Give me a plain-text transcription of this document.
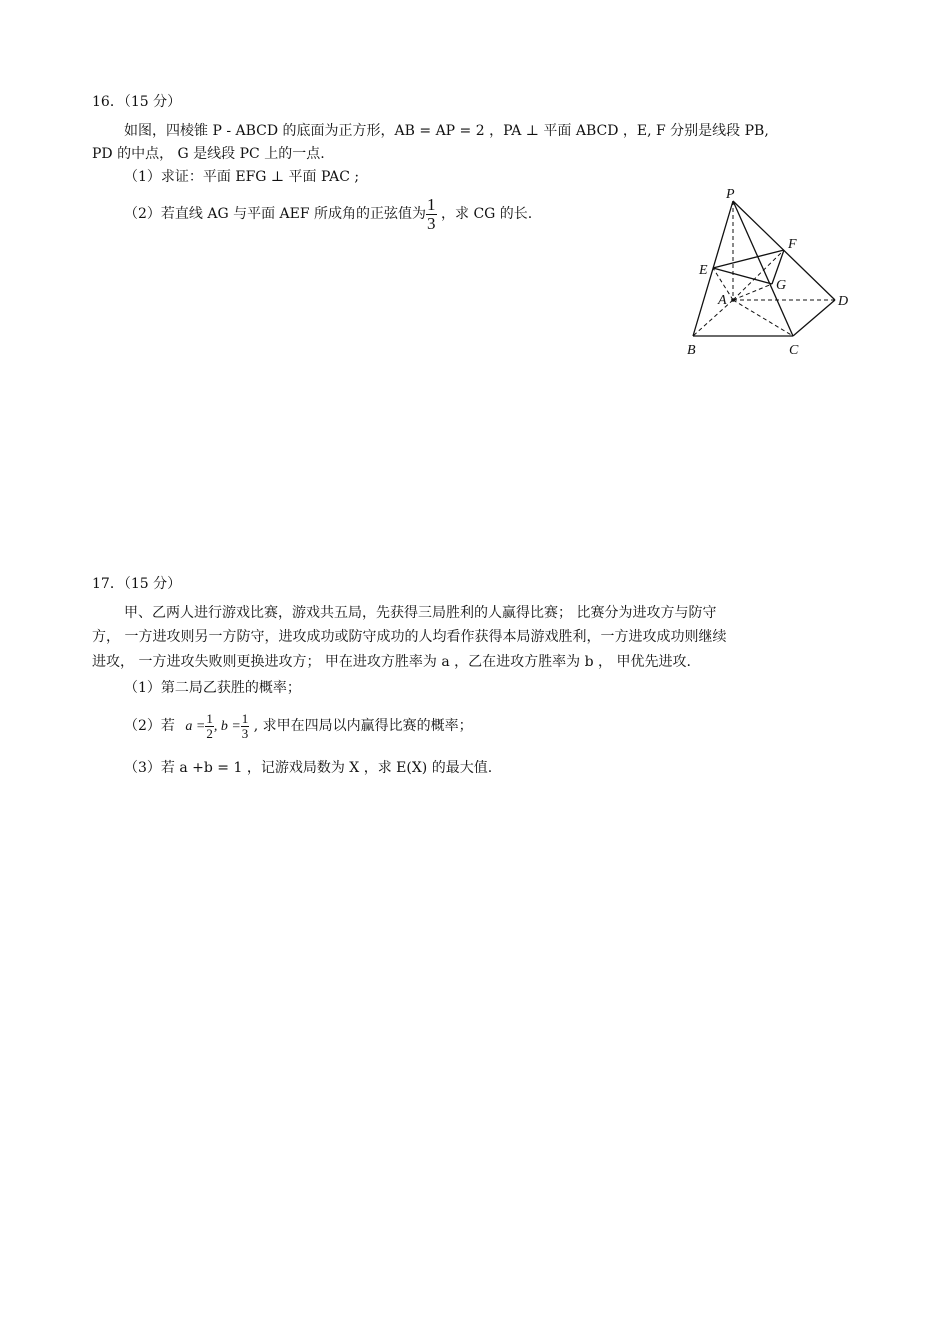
16．（15 分）
如图，四棱锥 P - ABCD 的底面为正方形，AB = AP = 2 ，PA ⊥ 平面 ABCD ，E, F 分别是线段 PB,
PD 的中点， G 是线段 PC 上的一点.
（1）求证：平面 EFG ⊥ 平面 PAC ;
（2）若直线 AG 与平面 AEF 所成角的正弦值为 $\frac{1}{3}$ ，求 CG 的长.
P
F
E
G
A	D
B	C
17．（15 分）
甲、乙两人进行游戏比赛，游戏共五局，先获得三局胜利的人赢得比赛； 比赛分为进攻方与防守
方， 一方进攻则另一方防守，进攻成功或防守成功的人均看作获得本局游戏胜利，一方进攻成功则继续
进攻， 一方进攻失败则更换进攻方； 甲在进攻方胜率为 a ，乙在进攻方胜率为 b ， 甲优先进攻.
（1）第二局乙获胜的概率；
（2）若 $a = \frac{1}{2}$ , $b = \frac{1}{3}$ , 求甲在四局以内赢得比赛的概率；
（3）若 a +b = 1 ，记游戏局数为 X ，求 E(X) 的最大值.
